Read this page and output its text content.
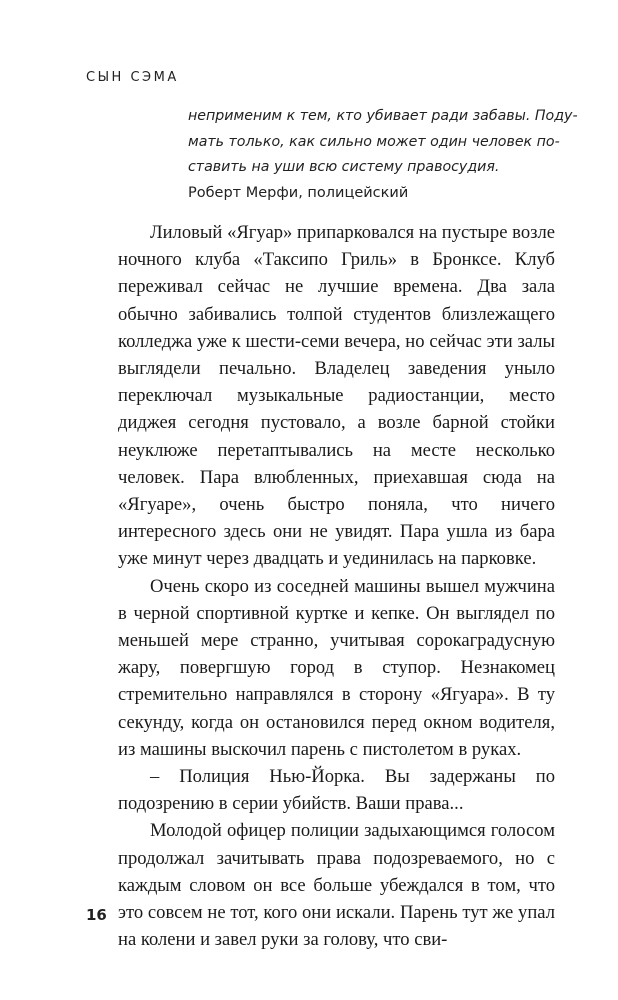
СЫН СЭМА

неприменим к тем, кто убивает ради забавы. Поду-
мать только, как сильно может один человек по-
ставить на уши всю систему правосудия.

Роберт Мерфи, полицейский

Лиловый «Ягуар» припарковался на пустыре возле ночного клуба «Таксипо Гриль» в Бронксе. Клуб переживал сейчас не лучшие времена. Два зала обычно забивались толпой студентов близлежащего колледжа уже к шести-семи вечера, но сейчас эти залы выглядели печально. Владелец заведения уныло переключал музыкальные радиостанции, место диджея сегодня пустовало, а возле барной стойки неуклюже перетаптывались на месте несколько человек. Пара влюбленных, приехавшая сюда на «Ягуаре», очень быстро поняла, что ничего интересного здесь они не увидят. Пара ушла из бара уже минут через двадцать и уединилась на парковке.

Очень скоро из соседней машины вышел мужчина в черной спортивной куртке и кепке. Он выглядел по меньшей мере странно, учитывая сорокаградусную жару, повергшую город в ступор. Незнакомец стремительно направлялся в сторону «Ягуара». В ту секунду, когда он остановился перед окном водителя, из машины выскочил парень с пистолетом в руках.

– Полиция Нью-Йорка. Вы задержаны по подозрению в серии убийств. Ваши права...

Молодой офицер полиции задыхающимся голосом продолжал зачитывать права подозреваемого, но с каждым словом он все больше убеждался в том, что это совсем не тот, кого они искали. Парень тут же упал на колени и завел руки за голову, что сви-

16
